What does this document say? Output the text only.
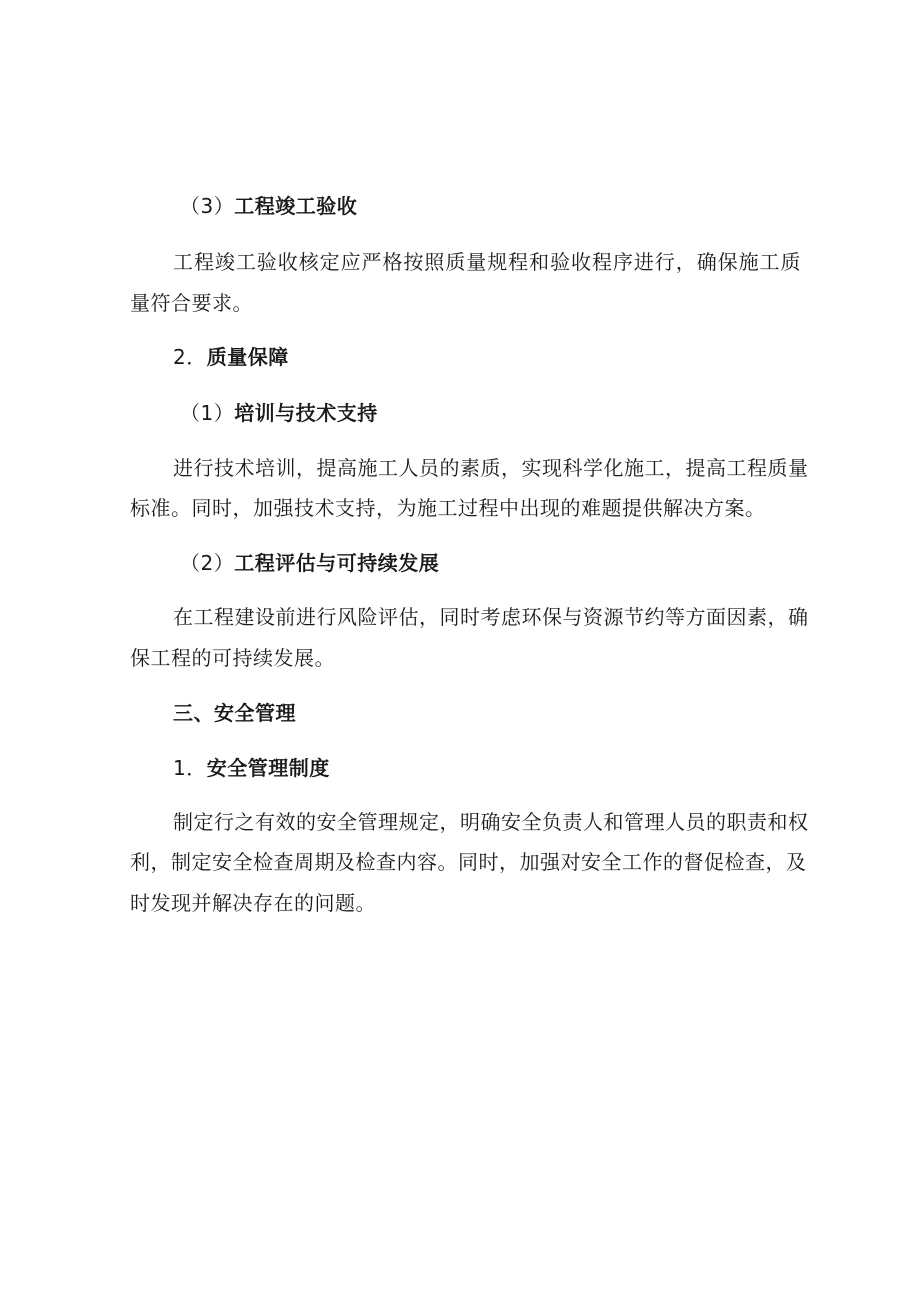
（3）工程竣工验收
工程竣工验收核定应严格按照质量规程和验收程序进行，确保施工质
量符合要求。
2．质量保障
（1）培训与技术支持
进行技术培训，提高施工人员的素质，实现科学化施工，提高工程质量
标准。同时，加强技术支持，为施工过程中出现的难题提供解决方案。
（2）工程评估与可持续发展
在工程建设前进行风险评估，同时考虑环保与资源节约等方面因素，确
保工程的可持续发展。
三、安全管理
1．安全管理制度
制定行之有效的安全管理规定，明确安全负责人和管理人员的职责和权
利，制定安全检查周期及检查内容。同时，加强对安全工作的督促检查，及
时发现并解决存在的问题。
